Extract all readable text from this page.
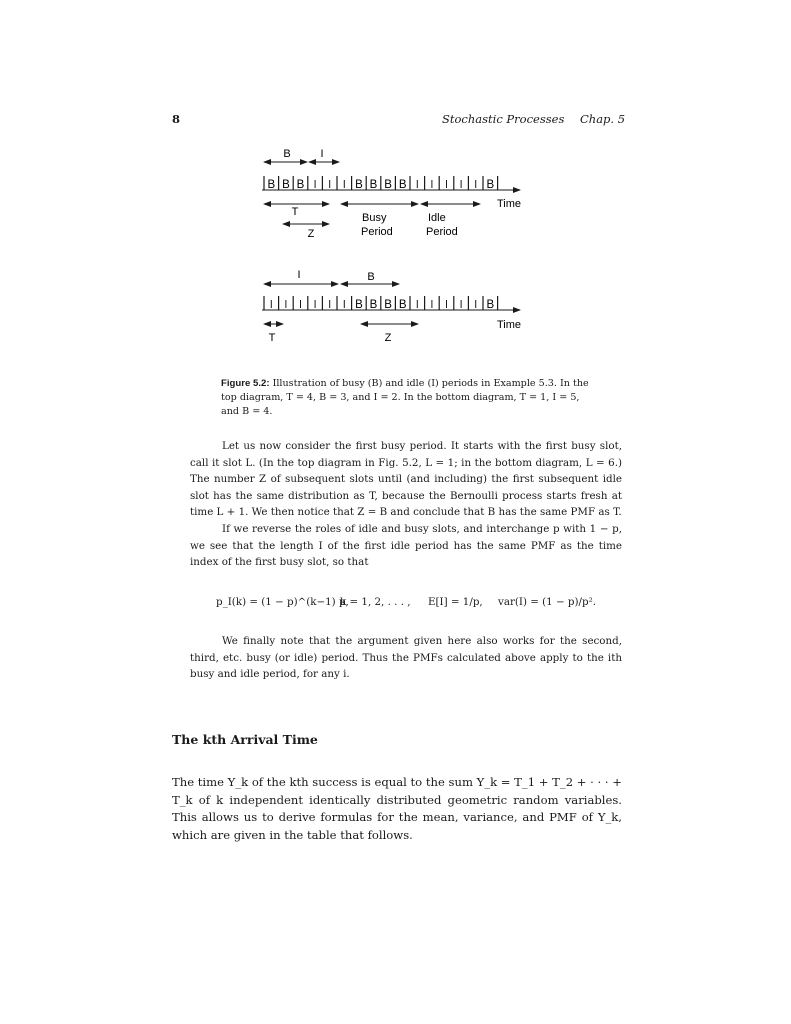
8	Stochastic Processes Chap. 5
B	I
B B B	B B B B	B
Time
T
Z
Busy
Period
Idle
Period
I	B
B B B B	B
Time
T	Z
Figure 5.2: Illustration of busy (B) and idle (I) periods in Example 5.3. In the top diagram, T = 4, B = 3, and I = 2. In the bottom diagram, T = 1, I = 5, and B = 4.
Let us now consider the first busy period. It starts with the first busy slot, call it slot L. (In the top diagram in Fig. 5.2, L = 1; in the bottom diagram, L = 6.) The number Z of subsequent slots until (and including) the first subsequent idle slot has the same distribution as T, because the Bernoulli process starts fresh at time L + 1. We then notice that Z = B and conclude that B has the same PMF as T.
If we reverse the roles of idle and busy slots, and interchange p with 1 − p, we see that the length I of the first idle period has the same PMF as the time index of the first busy slot, so that
p_I(k) = (1 − p)^(k−1) p,
k = 1, 2, . . . , E[I] = 1/p, var(I) = (1 − p)/p².
We finally note that the argument given here also works for the second, third, etc. busy (or idle) period. Thus the PMFs calculated above apply to the ith busy and idle period, for any i.
The kth Arrival Time
The time Y_k of the kth success is equal to the sum Y_k = T_1 + T_2 + · · · + T_k of k independent identically distributed geometric random variables. This allows us to derive formulas for the mean, variance, and PMF of Y_k, which are given in the table that follows.
